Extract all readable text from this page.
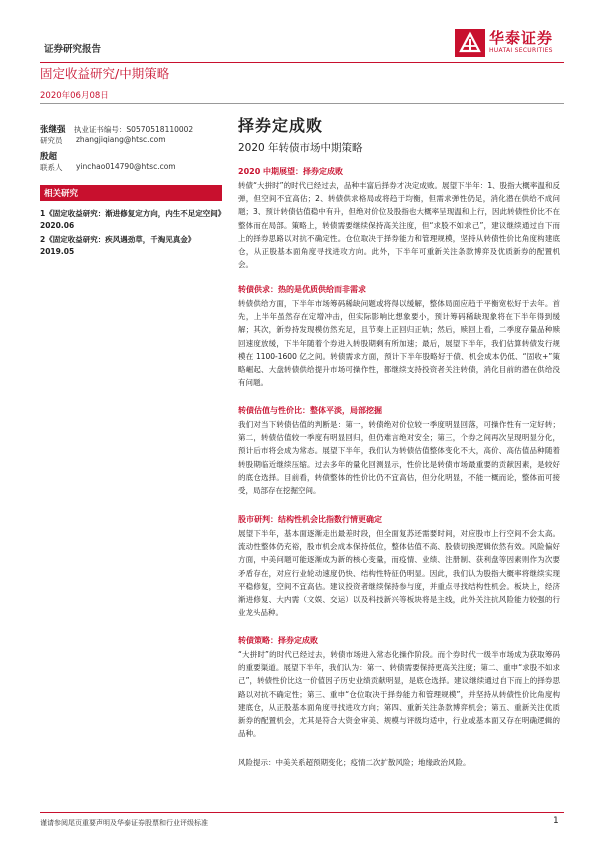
证券研究报告
华泰证券
HUATAI SECURITIES
固定收益研究/中期策略
2020年06月08日
张继强 执业证书编号：S0570518110002
研究员 zhangjiqiang@htsc.com
殷超
联系人 yinchao014790@htsc.com
择券定成败
2020 年转债市场中期策略
相关研究
1《固定收益研究：渐进修复定方向，内生不足定空间》2020.06
2《固定收益研究：疾风遇劲草，千淘见真金》2019.05
2020 中期展望：择券定成败

转债“大拼时”的时代已经过去，品种丰富后择券才决定成败。展望下半年：1、股指大概率温和反弹，但空间不宜高估；2、转债供求格局或将趋于均衡，但需求弹性仍足，消化潜在供给不成问题；3、预计转债估值稳中有升，但绝对价位及股指也大概率呈现温和上行，因此转债性价比不在整体而在局部。策略上，转债需要继续保持高关注度，但“求股不如求己”，建议继续通过自下而上的择券思路以对抗不确定性。仓位取决于择券能力和管理规模，坚持从转债性价比角度构建底仓，从正股基本面角度寻找进攻方向。此外，下半年可重新关注条款博弈及优质新券的配置机会。

转债供求：热的是优质供给而非需求

转债供给方面，下半年市场筹码稀缺问题或将得以缓解，整体局面应趋于平衡宽松好于去年。首先，上半年虽然存在定增冲击，但实际影响比想象要小，预计筹码稀缺现象将在下半年得到缓解；其次，新券持发现模仿然充足，且节奏上正回归正轨；然后，赎回上看，二季度存量品种赎回速度放缓，下半年随着个券进入转股期剩有所加速；最后，展望下半年，我们估算转债发行规模在 1100-1600 亿之间。转债需求方面，预计下半年股略好于债、机会成本仍低、“固收+”策略崛起、大盘转债供给提升市场可操作性，都继续支持投资者关注转债，消化目前的潜在供给没有问题。

转债估值与性价比：整体平淡，局部挖掘

我们对当下转债估值的判断是：第一，转债绝对价位较一季度明显回落，可操作性有一定好转；第二，转债估值较一季度有明显回归，但仍难言绝对安全；第三，个券之间再次呈现明显分化，预计后市将会成为常态。展望下半年，我们认为转债估值整体变化不大，高价、高估值品种随着转股期临近继续压缩。过去多年的量化回测显示，性价比是转债市场最重要的贡献因素，是较好的底仓选择。目前看，转债整体的性价比仍不宜高估，但分化明显，不能一概而论，整体而可接受，局部存在挖掘空间。

股市研判：结构性机会比指数行情更确定

展望下半年，基本面逐渐走出最差时段，但全面复苏还需要时间，对应股市上行空间不会太高。流动性整体仍充裕，股市机会成本保持低位，整体估值不高、股债切换逻辑依然有效。风险偏好方面，中美问题可能逐渐成为新的核心变量，而疫情、业绩、注册制、获利盘等因素则作为次要矛盾存在，对应行业轮动速度仍快、结构性特征仍明显。因此，我们认为股指大概率将继续实现平稳修复，空间不宜高估。建议投资者继续保持参与度，并重点寻找结构性机会。板块上，经济渐进修复、大内需（文娱、交运）以及科技新兴等板块将是主线，此外关注抗风险能力较强的行业龙头品种。

转债策略：择券定成败

“大拼时”的时代已经过去，转债市场进入常态化操作阶段。而个券时代一级半市场成为获取筹码的重要渠道。展望下半年，我们认为：第一、转债需要保持更高关注度；第二、重申“求股不如求己”，转债性价比这一价值因子历史业绩贡献明显，是底仓选择。建议继续通过自下而上的择券思路以对抗不确定性；第三、重申“仓位取决于择券能力和管理规模”，并坚持从转债性价比角度构建底仓，从正股基本面角度寻找进攻方向；第四、重新关注条款博弈机会；第五、重新关注优质新券的配置机会，尤其是符合大资金审美、规模与评级均适中，行业或基本面又存在明确逻辑的品种。

风险提示：中美关系超预期变化；疫情二次扩散风险；地缘政治风险。

谨请参阅尾页重要声明及华泰证券股票和行业评级标准	1
